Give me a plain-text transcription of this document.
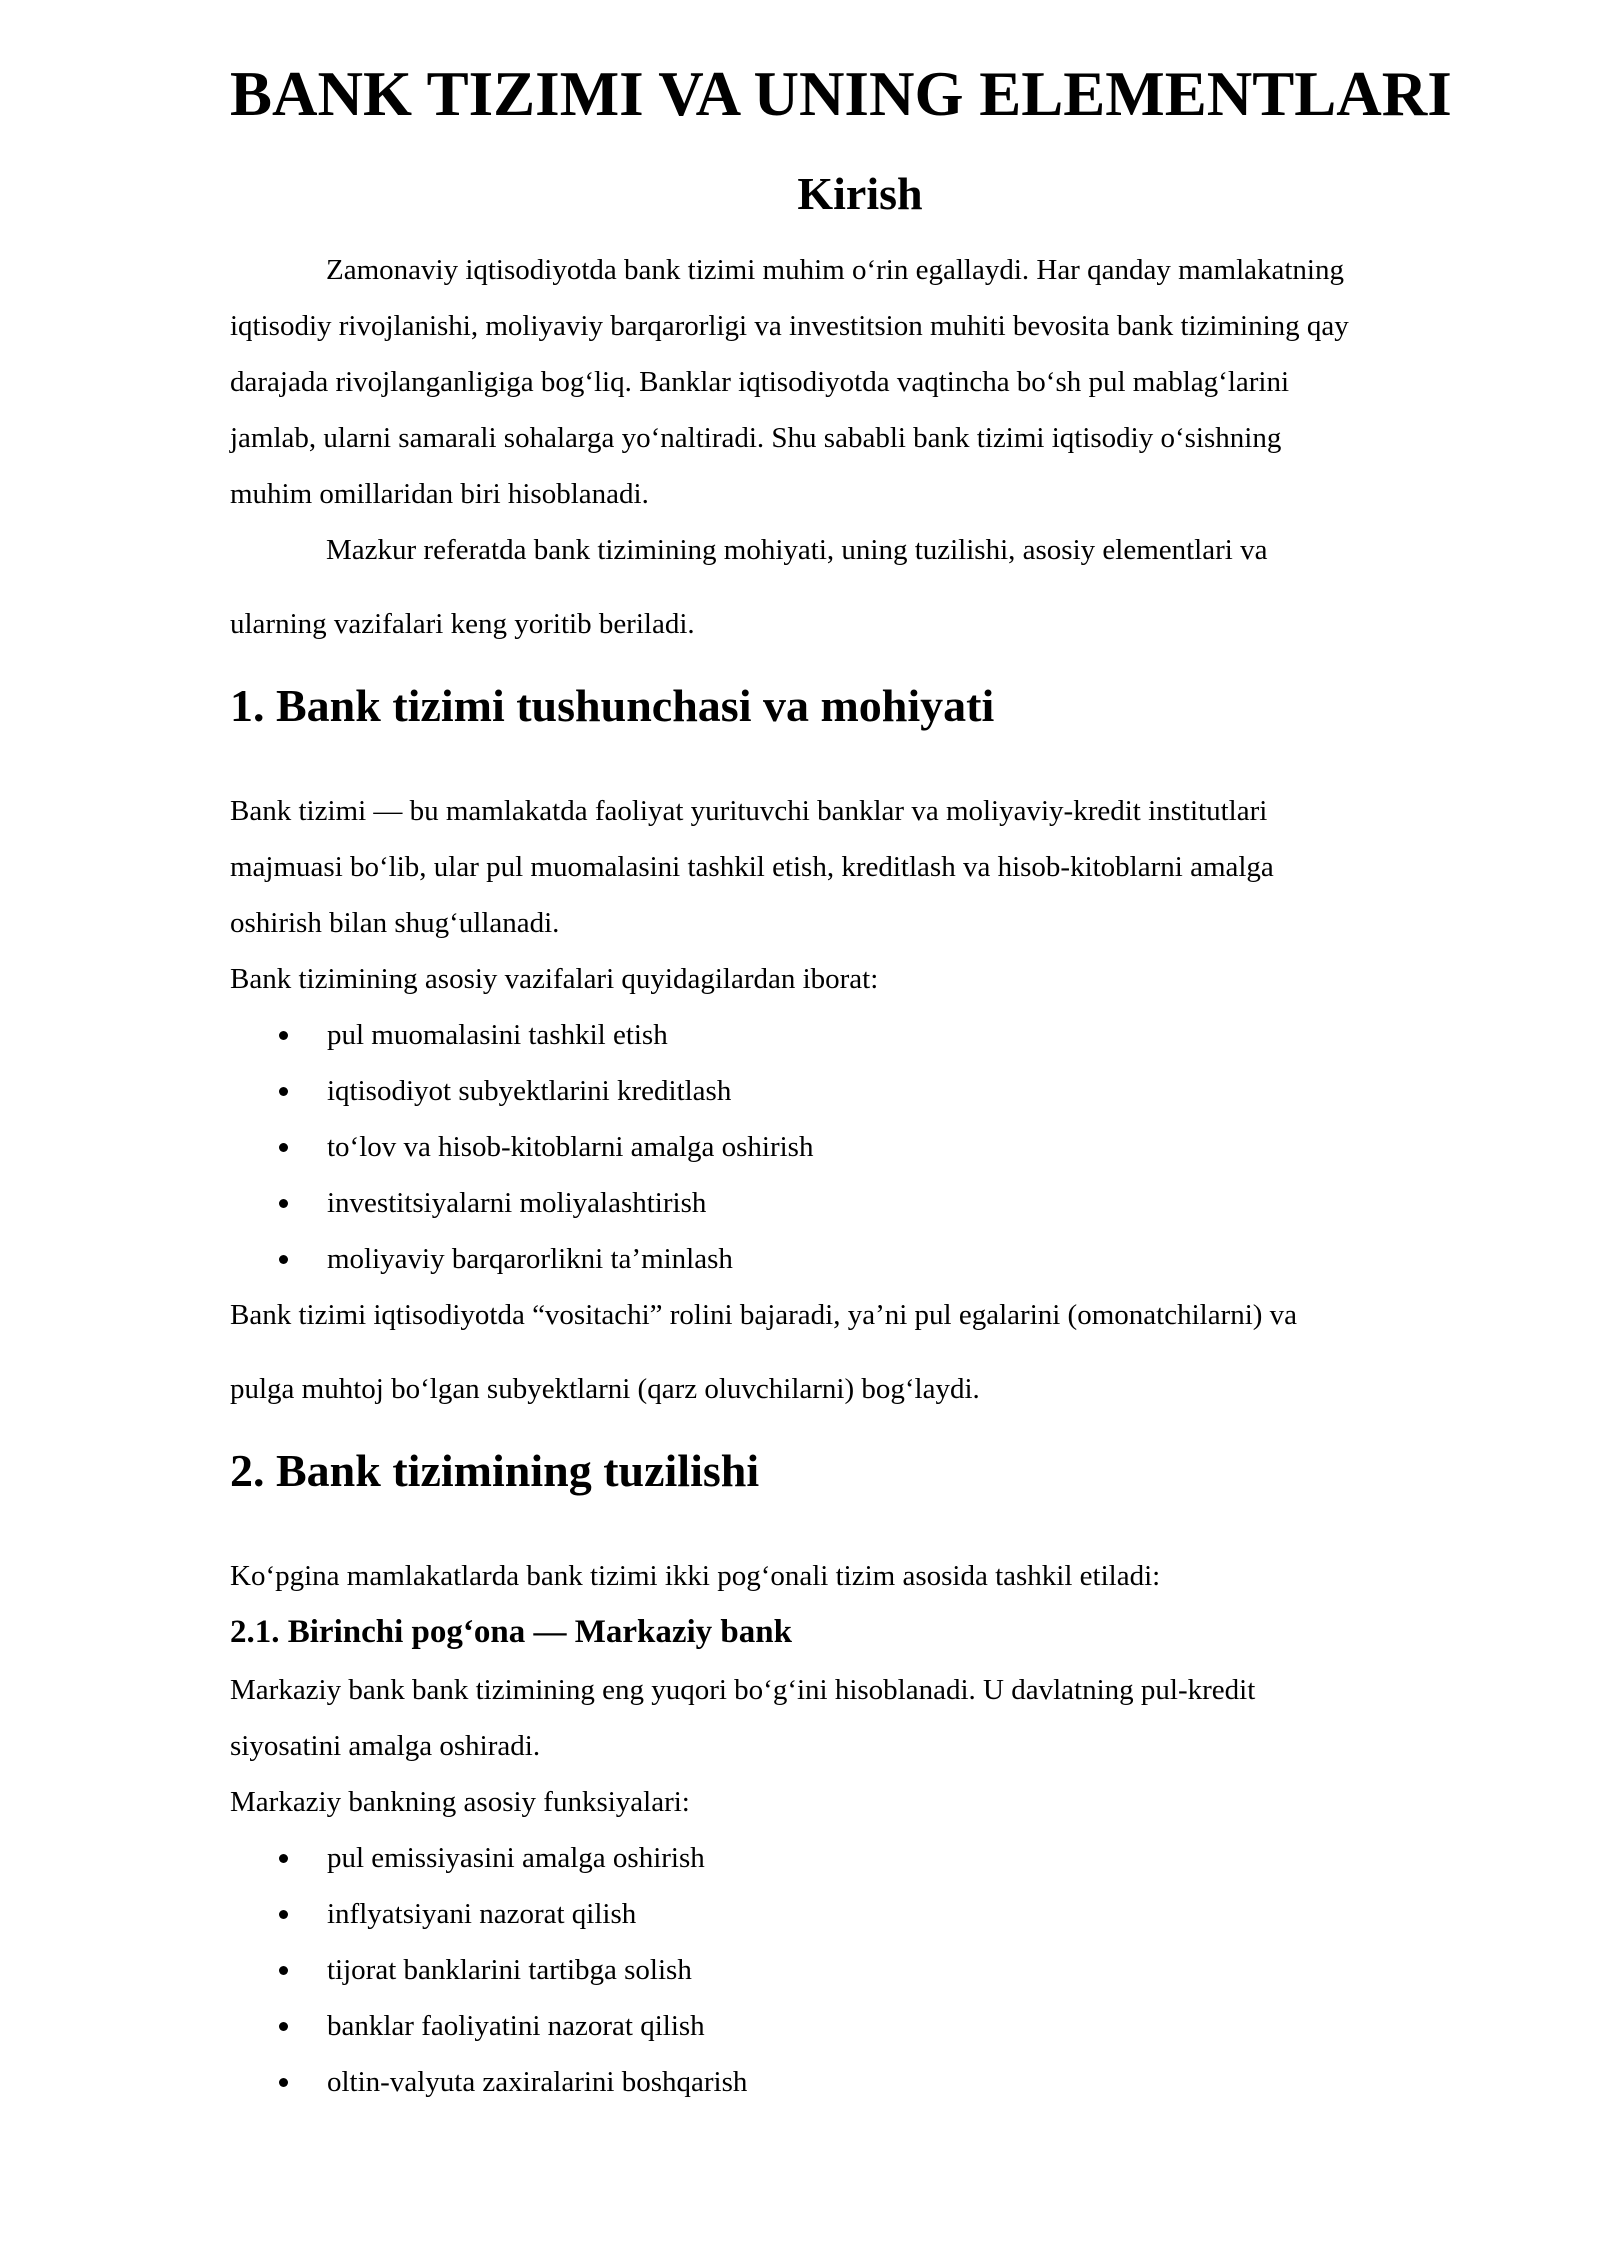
BANK TIZIMI VA UNING ELEMENTLARI
Kirish
Zamonaviy iqtisodiyotda bank tizimi muhim o‘rin egallaydi. Har qanday mamlakatning
iqtisodiy rivojlanishi, moliyaviy barqarorligi va investitsion muhiti bevosita bank tizimining qay
darajada rivojlanganligiga bog‘liq. Banklar iqtisodiyotda vaqtincha bo‘sh pul mablag‘larini
jamlab, ularni samarali sohalarga yo‘naltiradi. Shu sababli bank tizimi iqtisodiy o‘sishning
muhim omillaridan biri hisoblanadi.
Mazkur referatda bank tizimining mohiyati, uning tuzilishi, asosiy elementlari va
ularning vazifalari keng yoritib beriladi.
1. Bank tizimi tushunchasi va mohiyati
Bank tizimi — bu mamlakatda faoliyat yurituvchi banklar va moliyaviy-kredit institutlari
majmuasi bo‘lib, ular pul muomalasini tashkil etish, kreditlash va hisob-kitoblarni amalga
oshirish bilan shug‘ullanadi.
Bank tizimining asosiy vazifalari quyidagilardan iborat:
pul muomalasini tashkil etish
iqtisodiyot subyektlarini kreditlash
to‘lov va hisob-kitoblarni amalga oshirish
investitsiyalarni moliyalashtirish
moliyaviy barqarorlikni ta’minlash
Bank tizimi iqtisodiyotda “vositachi” rolini bajaradi, ya’ni pul egalarini (omonatchilarni) va
pulga muhtoj bo‘lgan subyektlarni (qarz oluvchilarni) bog‘laydi.
2. Bank tizimining tuzilishi
Ko‘pgina mamlakatlarda bank tizimi ikki pog‘onali tizim asosida tashkil etiladi:
2.1. Birinchi pog‘ona — Markaziy bank
Markaziy bank bank tizimining eng yuqori bo‘g‘ini hisoblanadi. U davlatning pul-kredit
siyosatini amalga oshiradi.
Markaziy bankning asosiy funksiyalari:
pul emissiyasini amalga oshirish
inflyatsiyani nazorat qilish
tijorat banklarini tartibga solish
banklar faoliyatini nazorat qilish
oltin-valyuta zaxiralarini boshqarish
